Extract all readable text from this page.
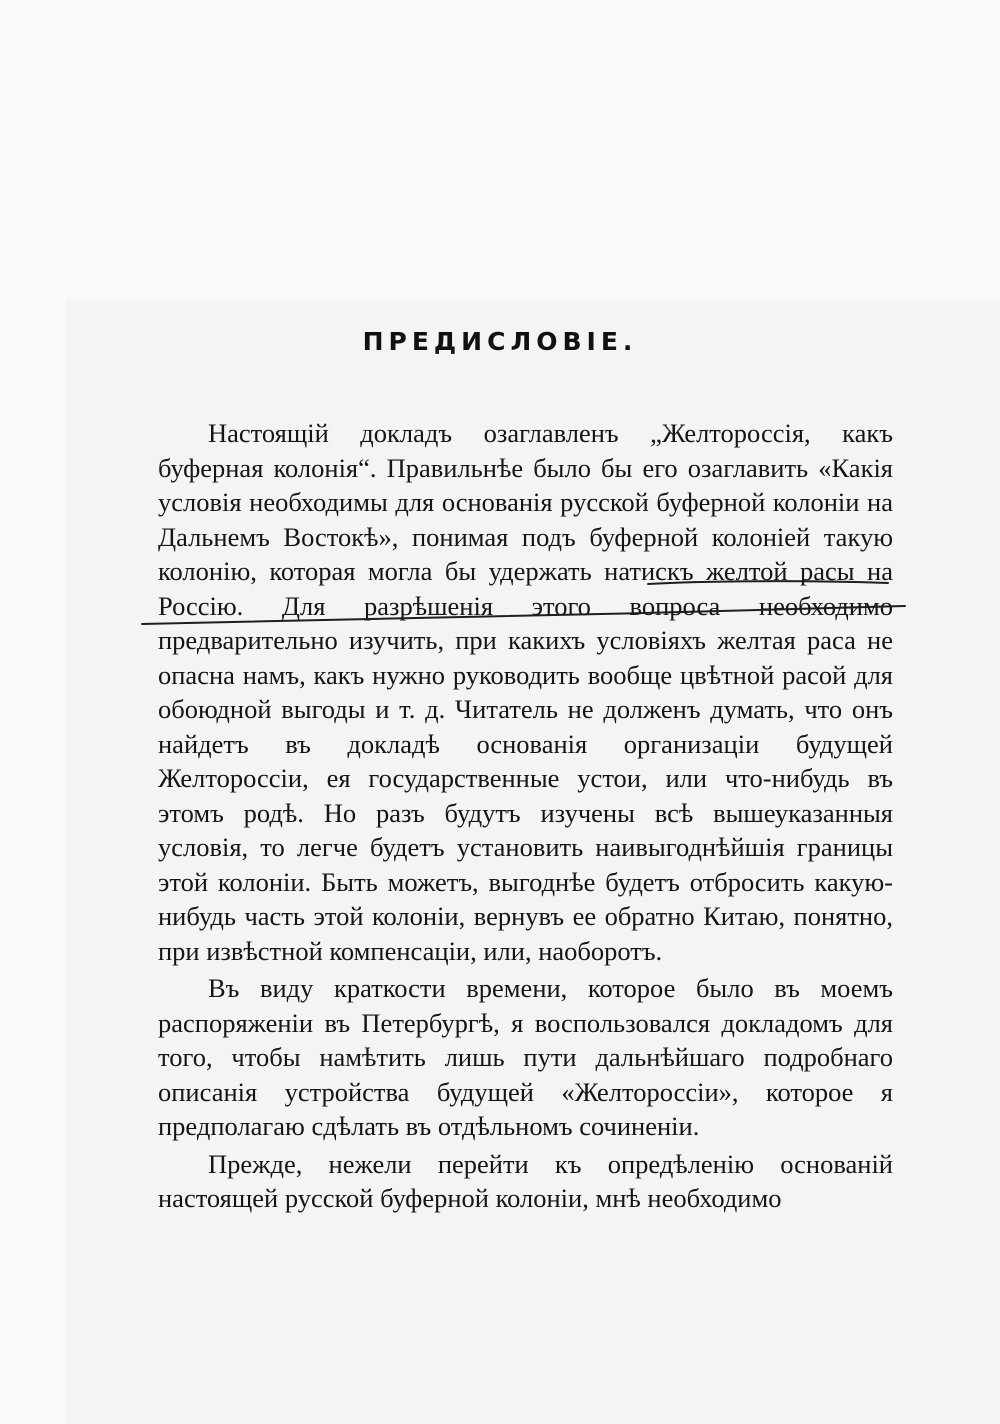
ПРЕДИСЛОВІЕ.

Настоящій докладъ озаглавленъ „Желтороссія, какъ буферная колонія“. Правильнѣе было бы его озаглавить «Какія условія необходимы для основанія русской буферной колоніи на Дальнемъ Востокѣ», понимая подъ буферной колоніей такую колонію, которая могла бы удержать натискъ желтой расы на Россію. Для разрѣшенія этого вопроса необходимо предварительно изучить, при какихъ условіяхъ желтая раса не опасна намъ, какъ нужно руководить вообще цвѣтной расой для обоюдной выгоды и т. д. Читатель не долженъ думать, что онъ найдетъ въ докладѣ основанія организаціи будущей Желтороссіи, ея государственные устои, или что-нибудь въ этомъ родѣ. Но разъ будутъ изучены всѣ вышеуказанныя условія, то легче будетъ установить наивыгоднѣйшія границы этой колоніи. Быть можетъ, выгоднѣе будетъ отбросить какую-нибудь часть этой колоніи, вернувъ ее обратно Китаю, понятно, при извѣстной компенсаціи, или, наоборотъ.

Въ виду краткости времени, которое было въ моемъ распоряженіи въ Петербургѣ, я воспользовался докладомъ для того, чтобы намѣтить лишь пути дальнѣйшаго подробнаго описанія устройства будущей «Желтороссіи», которое я предполагаю сдѣлать въ отдѣльномъ сочиненіи.

Прежде, нежели перейти къ опредѣленію основаній настоящей русской буферной колоніи, мнѣ необходимо
